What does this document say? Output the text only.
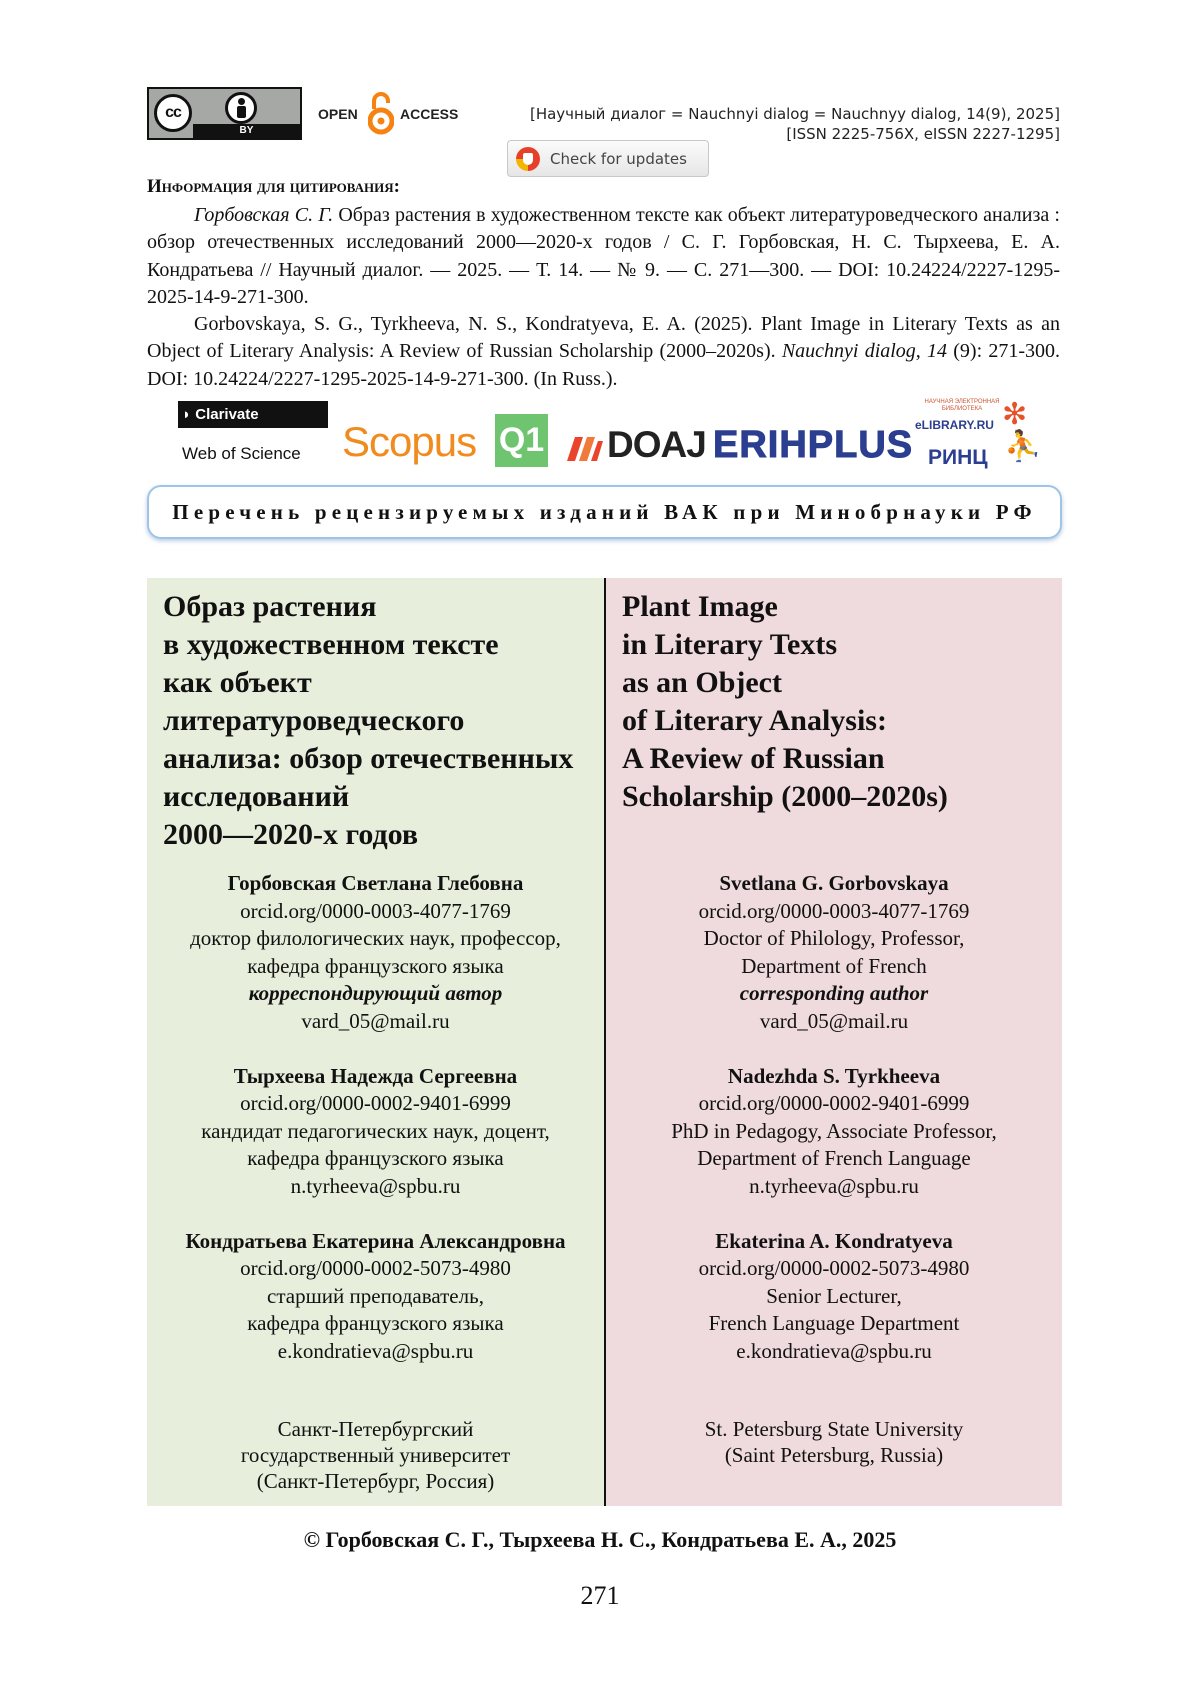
cc
BY
OPEN	ACCESS	[Научный диалог = Nauchnyi dialog = Nauchnyy dialog, 14(9), 2025]
[ISSN 2225-756X, eISSN 2227-1295]
Check for updates
Информация для цитирования:

Горбовская С. Г. Образ растения в художественном тексте как объект литературоведческого анализа : обзор отечественных исследований 2000—2020-х годов / С. Г. Горбовская, Н. С. Тырхеева, Е. А. Кондратьева // Научный диалог. — 2025. — Т. 14. — № 9. — С. 271—300. — DOI: 10.24224/2227-1295-2025-14-9-271-300.

Gorbovskaya, S. G., Tyrkheeva, N. S., Kondratyeva, E. A. (2025). Plant Image in Literary Texts as an Object of Literary Analysis: A Review of Russian Scholarship (2000–2020s). Nauchnyi dialog, 14 (9): 271-300. DOI: 10.24224/2227-1295-2025-14-9-271-300. (In Russ.).

◗ Clarivate
Web of Science Scopus Q1 DOAJ ERIHPLUS
НАУЧНАЯ ЭЛЕКТРОННАЯ БИБЛИОТЕКА
eLIBRARY.RU
РИНЦ
✻
⛹
Перечень рецензируемых изданий ВАК при Минобрнауки РФ
Образ растения
в художественном тексте
как объект
литературоведческого
анализа: обзор отечественных
исследований
2000—2020-х годов
Горбовская Светлана Глебовна
orcid.org/0000-0003-4077-1769
доктор филологических наук, профессор,
кафедра французского языка
корреспондирующий автор
vard_05@mail.ru
Тырхеева Надежда Сергеевна
orcid.org/0000-0002-9401-6999
кандидат педагогических наук, доцент,
кафедра французского языка
n.tyrheeva@spbu.ru
Кондратьева Екатерина Александровна
orcid.org/0000-0002-5073-4980
старший преподаватель,
кафедра французского языка
e.kondratieva@spbu.ru
Санкт-Петербургский
государственный университет
(Санкт-Петербург, Россия)
Plant Image
in Literary Texts
as an Object
of Literary Analysis:
A Review of Russian
Scholarship (2000–2020s)
Svetlana G. Gorbovskaya
orcid.org/0000-0003-4077-1769
Doctor of Philology, Professor,
Department of French
corresponding author
vard_05@mail.ru
Nadezhda S. Tyrkheeva
orcid.org/0000-0002-9401-6999
PhD in Pedagogy, Associate Professor,
Department of French Language
n.tyrheeva@spbu.ru
Ekaterina A. Kondratyeva
orcid.org/0000-0002-5073-4980
Senior Lecturer,
French Language Department
e.kondratieva@spbu.ru
St. Petersburg State University
(Saint Petersburg, Russia)
© Горбовская С. Г., Тырхеева Н. С., Кондратьева Е. А., 2025
271
